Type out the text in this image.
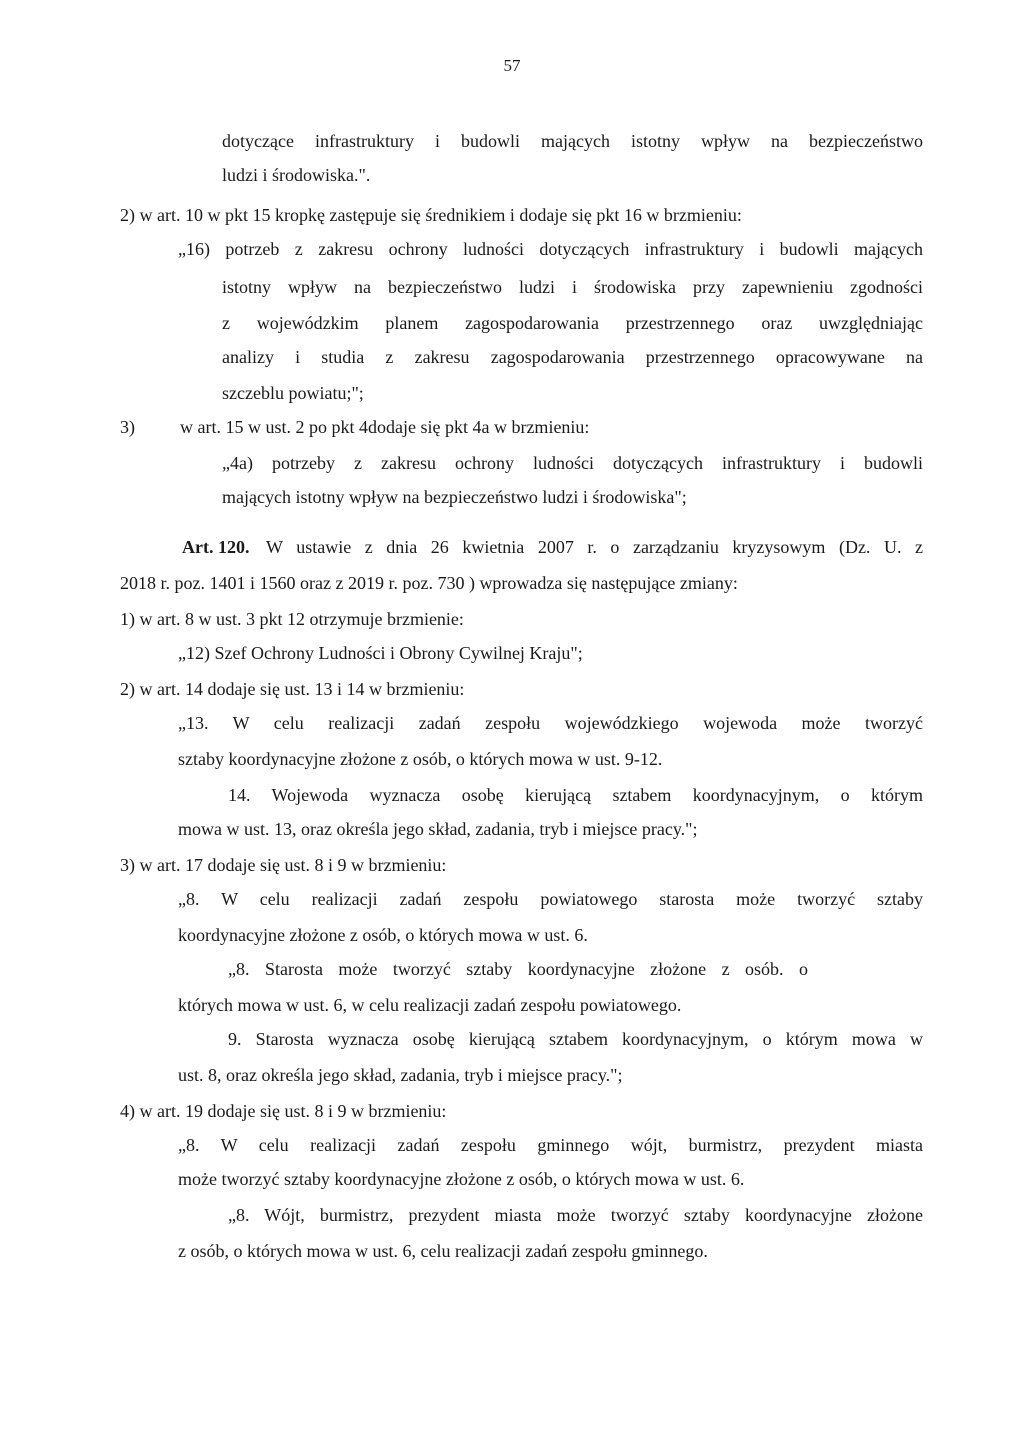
57
dotyczące infrastruktury i budowli mających istotny wpływ na bezpieczeństwo
ludzi i środowiska.".
2) w art. 10 w pkt 15 kropkę zastępuje się średnikiem i dodaje się pkt 16 w brzmieniu:
„16) potrzeb z zakresu ochrony ludności dotyczących infrastruktury i budowli mających
istotny wpływ na bezpieczeństwo ludzi i środowiska przy zapewnieniu zgodności
z wojewódzkim planem zagospodarowania przestrzennego oraz uwzględniając
analizy i studia z zakresu zagospodarowania przestrzennego opracowywane na
szczeblu powiatu;";
3)	w art. 15 w ust. 2 po pkt 4dodaje się pkt 4a w brzmieniu:
„4a) potrzeby z zakresu ochrony ludności dotyczących infrastruktury i budowli
mających istotny wpływ na bezpieczeństwo ludzi i środowiska";
Art. 120. W ustawie z dnia 26 kwietnia 2007 r. o zarządzaniu kryzysowym (Dz. U. z
2018 r. poz. 1401 i 1560 oraz z 2019 r. poz. 730 ) wprowadza się następujące zmiany:
1) w art. 8 w ust. 3 pkt 12 otrzymuje brzmienie:
„12) Szef Ochrony Ludności i Obrony Cywilnej Kraju";
2) w art. 14 dodaje się ust. 13 i 14 w brzmieniu:
„13. W celu realizacji zadań zespołu wojewódzkiego wojewoda może tworzyć
sztaby koordynacyjne złożone z osób, o których mowa w ust. 9-12.
14. Wojewoda wyznacza osobę kierującą sztabem koordynacyjnym, o którym
mowa w ust. 13, oraz określa jego skład, zadania, tryb i miejsce pracy.";
3) w art. 17 dodaje się ust. 8 i 9 w brzmieniu:
„8. W celu realizacji zadań zespołu powiatowego starosta może tworzyć sztaby
koordynacyjne złożone z osób, o których mowa w ust. 6.
„8. Starosta może tworzyć sztaby koordynacyjne złożone z osób. o
których mowa w ust. 6, w celu realizacji zadań zespołu powiatowego.
9. Starosta wyznacza osobę kierującą sztabem koordynacyjnym, o którym mowa w
ust. 8, oraz określa jego skład, zadania, tryb i miejsce pracy.";
4) w art. 19 dodaje się ust. 8 i 9 w brzmieniu:
„8. W celu realizacji zadań zespołu gminnego wójt, burmistrz, prezydent miasta
może tworzyć sztaby koordynacyjne złożone z osób, o których mowa w ust. 6.
„8. Wójt, burmistrz, prezydent miasta może tworzyć sztaby koordynacyjne złożone
z osób, o których mowa w ust. 6, celu realizacji zadań zespołu gminnego.
